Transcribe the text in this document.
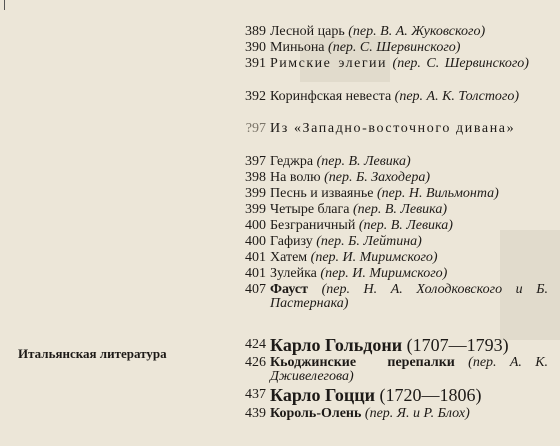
389 Лесной царь (пер. В. А. Жуковского)
390 Миньона (пер. С. Шервинского)
391 Римские элегии (пер. С. Шервинского)
392 Коринфская невеста (пер. А. К. Толстого)
?97 Из «Западно-восточного дивана»
397 Геджра (пер. В. Левика)
398 На волю (пер. Б. Заходера)
399 Песнь и изваянье (пер. Н. Вильмонта)
399 Четыре блага (пер. В. Левика)
400 Безграничный (пер. В. Левика)
400 Гафизу (пер. Б. Лейтина)
401 Хатем (пер. И. Миримского)
401 Зулейка (пер. И. Миримского)
407 Фауст (пер. Н. А. Холодковского и Б. Пастернака)
Итальянская литература
424 Карло Гольдони (1707—1793)
426 Кьоджинские перепалки (пер. А. К. Дживелегова)
437 Карло Гоцци (1720—1806)
439 Король-Олень (пер. Я. и Р. Блох)
